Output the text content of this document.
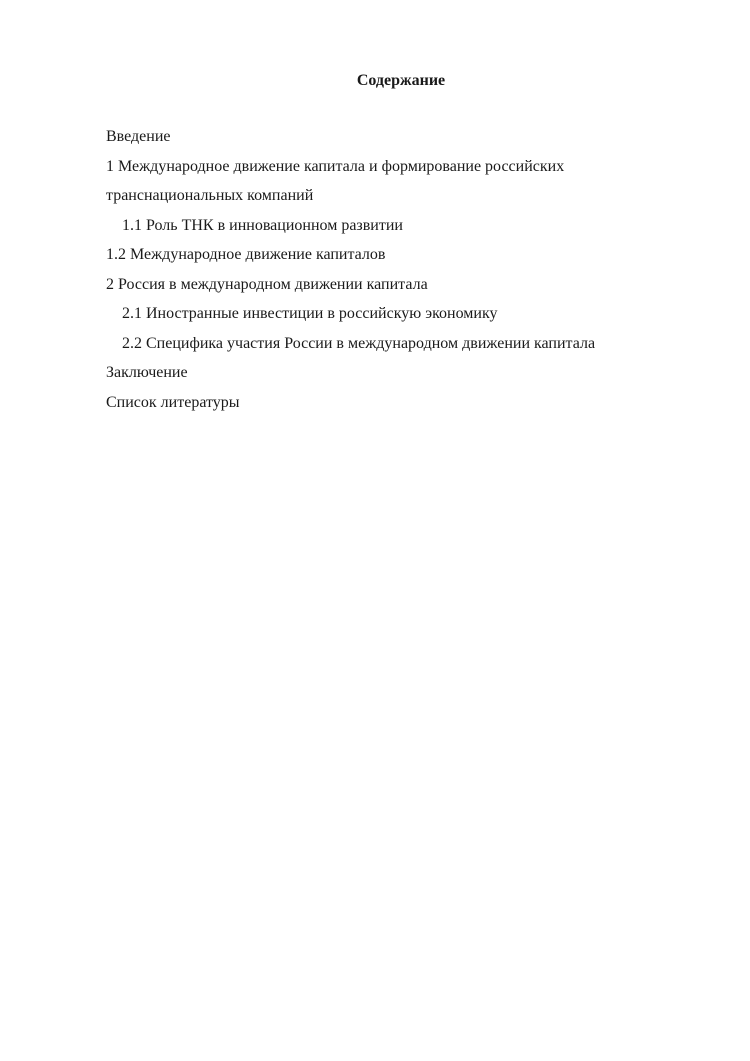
Содержание
Введение
1 Международное движение капитала и формирование российских
транснациональных компаний
1.1 Роль ТНК в инновационном развитии
1.2 Международное движение капиталов
2 Россия в международном движении капитала
2.1 Иностранные инвестиции в российскую экономику
2.2 Специфика участия России в международном движении капитала
Заключение
Список литературы
